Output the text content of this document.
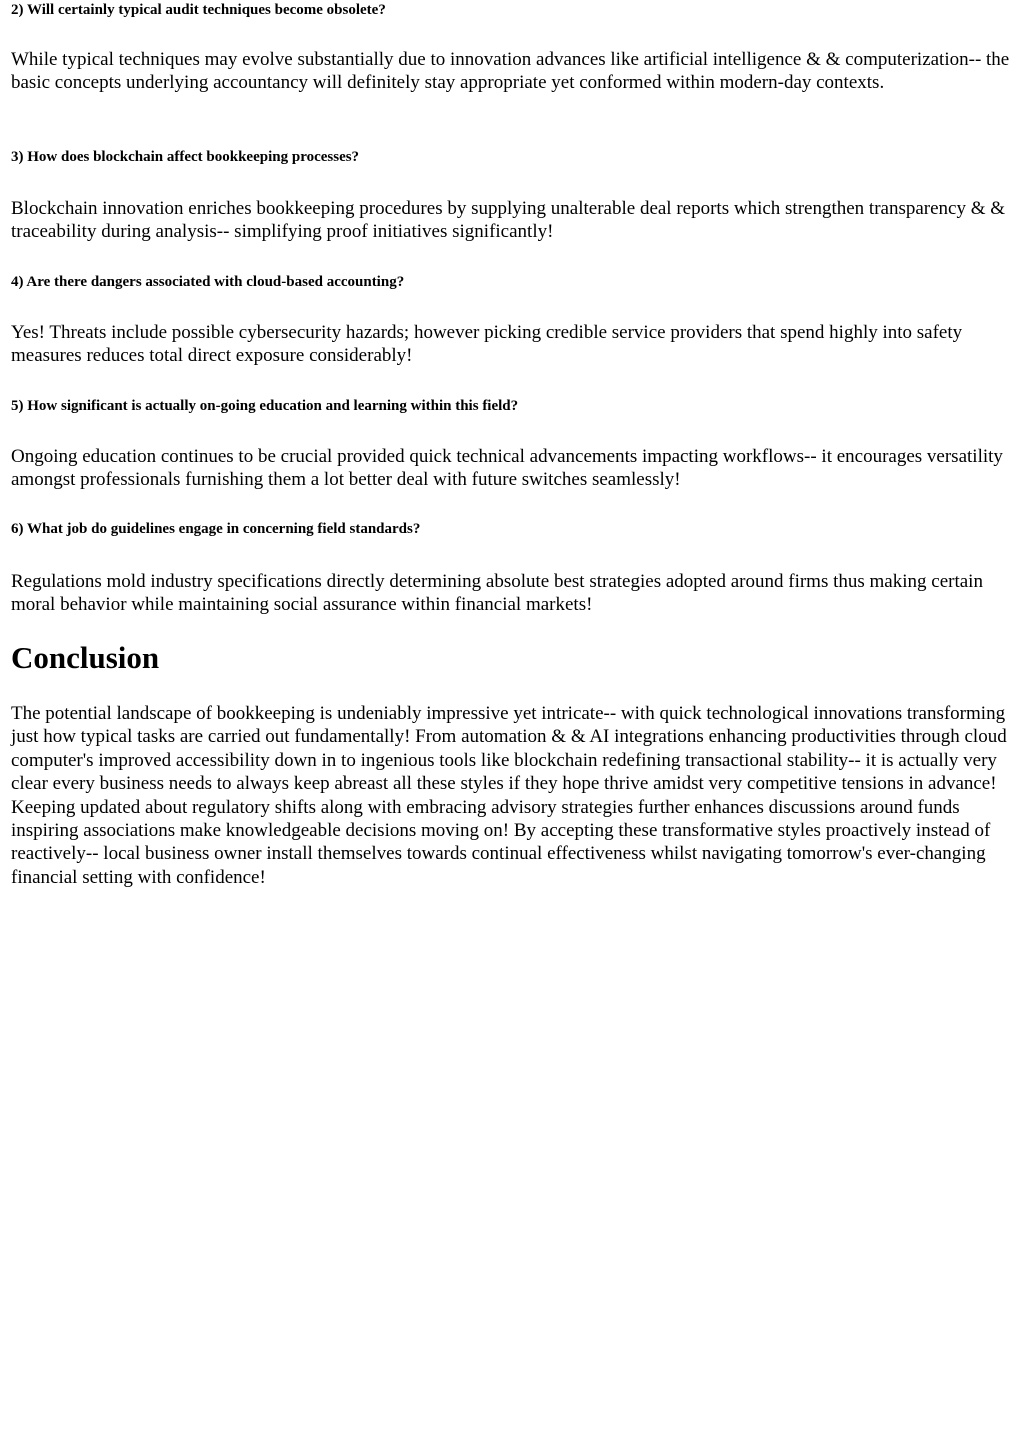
2) Will certainly typical audit techniques become obsolete?

While typical techniques may evolve substantially due to innovation advances like artificial intelligence & & computerization-- the basic concepts underlying accountancy will definitely stay appropriate yet conformed within modern-day contexts.

3) How does blockchain affect bookkeeping processes?

Blockchain innovation enriches bookkeeping procedures by supplying unalterable deal reports which strengthen transparency & & traceability during analysis-- simplifying proof initiatives significantly!

4) Are there dangers associated with cloud-based accounting?

Yes! Threats include possible cybersecurity hazards; however picking credible service providers that spend highly into safety measures reduces total direct exposure considerably!

5) How significant is actually on-going education and learning within this field?

Ongoing education continues to be crucial provided quick technical advancements impacting workflows-- it encourages versatility amongst professionals furnishing them a lot better deal with future switches seamlessly!

6) What job do guidelines engage in concerning field standards?

Regulations mold industry specifications directly determining absolute best strategies adopted around firms thus making certain moral behavior while maintaining social assurance within financial markets!

Conclusion

The potential landscape of bookkeeping is undeniably impressive yet intricate-- with quick technological innovations transforming just how typical tasks are carried out fundamentally! From automation & & AI integrations enhancing productivities through cloud computer's improved accessibility down in to ingenious tools like blockchain redefining transactional stability-- it is actually very clear every business needs to always keep abreast all these styles if they hope thrive amidst very competitive tensions in advance! Keeping updated about regulatory shifts along with embracing advisory strategies further enhances discussions around funds inspiring associations make knowledgeable decisions moving on! By accepting these transformative styles proactively instead of reactively-- local business owner install themselves towards continual effectiveness whilst navigating tomorrow's ever-changing financial setting with confidence!
